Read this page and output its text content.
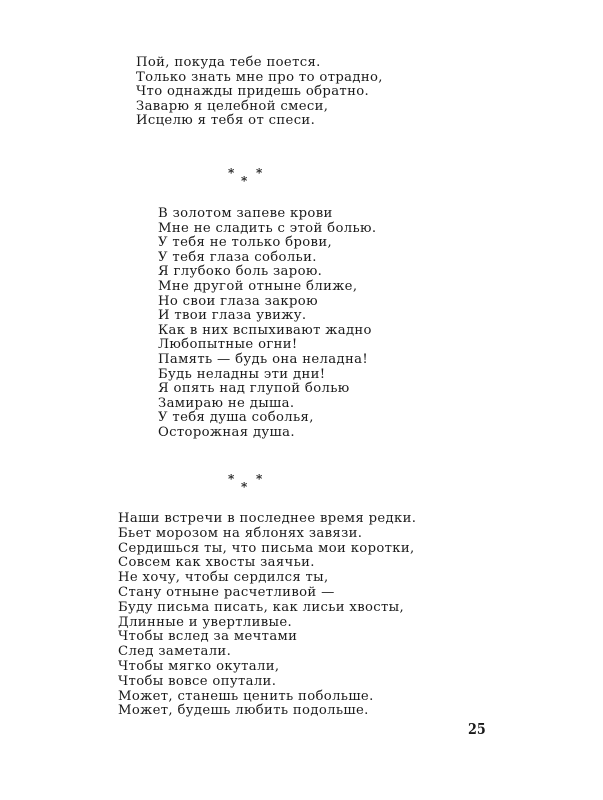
Пой, покуда тебе поется.
Только знать мне про то отрадно,
Что однажды придешь обратно.
Заварю я целебной смеси,
Исцелю я тебя от спеси.
*
*
*
В золотом запеве крови
Мне не сладить с этой болью.
У тебя не только брови,
У тебя глаза собольи.
Я глубоко боль зарою.
Мне другой отныне ближе,
Но свои глаза закрою
И твои глаза увижу.
Как в них вспыхивают жадно
Любопытные огни!
Память — будь она неладна!
Будь неладны эти дни!
Я опять над глупой болью
Замираю не дыша.
У тебя душа соболья,
Осторожная душа.
*
*
*
Наши встречи в последнее время редки.
Бьет морозом на яблонях завязи.
Сердишься ты, что письма мои коротки,
Совсем как хвосты заячьи.
Не хочу, чтобы сердился ты,
Стану отныне расчетливой —
Буду письма писать, как лисьи хвосты,
Длинные и увертливые.
Чтобы вслед за мечтами
След заметали.
Чтобы мягко окутали,
Чтобы вовсе опутали.
Может, станешь ценить побольше.
Может, будешь любить подольше.
25
